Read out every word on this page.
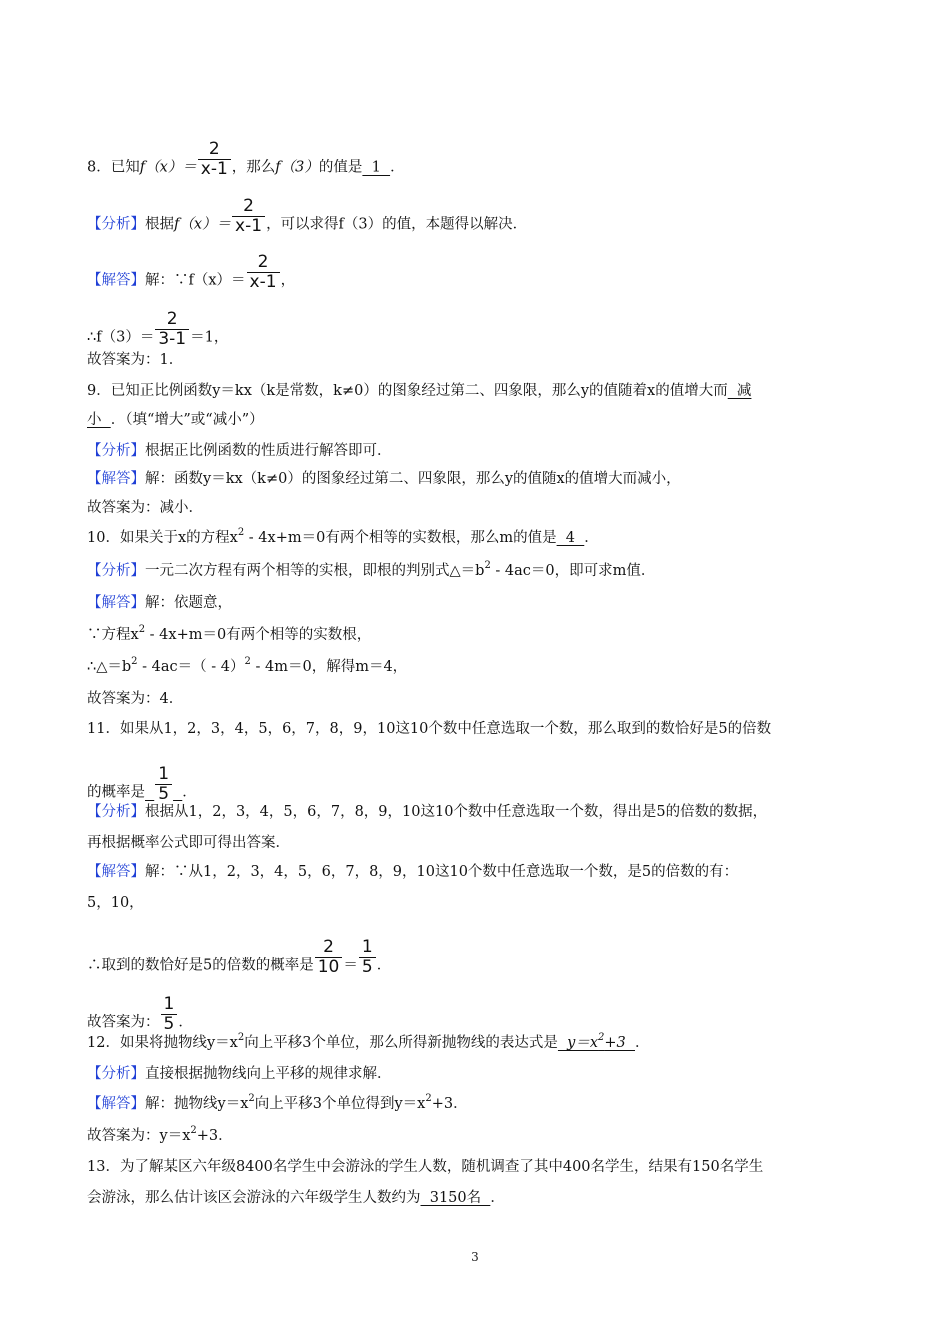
8．已知$f(x)= \frac{2}{x-1}$ ，那么f（3）的值是  1  ．
【分析】根据$f(x)= \frac{2}{x-1}$ ，可以求得f（3）的值，本题得以解决．
【解答】解：∵f（x）＝ $\frac{2}{x-1}$ ，
∴f（3）＝ $\frac{2}{3-1} =1$，
故答案为：1．
9．已知正比例函数y＝kx（k是常数，k≠0）的图象经过第二、四象限，那么y的值随着x的值增大而  减
小  ．（填“增大”或“减小”）
【分析】根据正比例函数的性质进行解答即可．
【解答】解：函数y＝kx（k≠0）的图象经过第二、四象限，那么y的值随x的值增大而减小，
故答案为：减小．
10．如果关于x的方程$x^2 - 4x+m=0$有两个相等的实数根，那么m的值是  4  ．
【分析】一元二次方程有两个相等的实根，即根的判别式$\triangle=b^2 - 4ac=0$，即可求m值．
【解答】解：依题意，
∵方程$x^2 - 4x+m=0$有两个相等的实数根，
$\therefore\triangle=b^2 - 4ac=( - 4)^2 - 4m=0$，解得m＝4，
故答案为：4．
11．如果从1，2，3，4，5，6，7，8，9，10这10个数中任意选取一个数，那么取到的数恰好是5的倍数
的概率是 $\frac{1}{5}$ ．
【分析】根据从1，2，3，4，5，6，7，8，9，10这10个数中任意选取一个数，得出是5的倍数的数据，
再根据概率公式即可得出答案．
【解答】解：∵从1，2，3，4，5，6，7，8，9，10这10个数中任意选取一个数，是5的倍数的有：
5，10，
∴取到的数恰好是5的倍数的概率是 $\frac{2}{10} = \frac{1}{5}$ ．
故答案为： $\frac{1}{5}$ ．
12．如果将抛物线$y=x^2$向上平移3个单位，那么所得新抛物线的表达式是  $y=x^2+3$  ．
【分析】直接根据抛物线向上平移的规律求解．
【解答】解：抛物线$y=x^2$向上平移3个单位得到$y=x^2+3$．
故答案为：$y=x^2+3$．
13．为了解某区六年级8400名学生中会游泳的学生人数，随机调查了其中400名学生，结果有150名学生
会游泳，那么估计该区会游泳的六年级学生人数约为  3150名  ．
3
